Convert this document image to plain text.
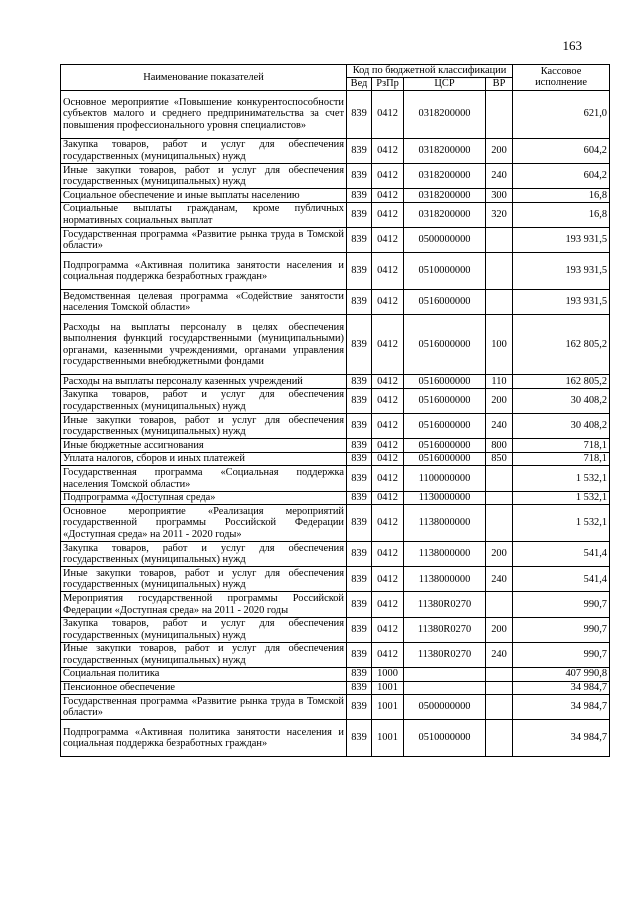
163
Наименование показателей	Код по бюджетной классификации				Кассовое исполнение
	Вед	РзПр	ЦСР	ВР	
Основное мероприятие «Повышение конкурентоспособности субъектов малого и среднего предпринимательства за счет повышения профессионального уровня специалистов»	839	0412	0318200000		621,0
Закупка товаров, работ и услуг для обеспечения государственных (муниципальных) нужд	839	0412	0318200000	200	604,2
Иные закупки товаров, работ и услуг для обеспечения государственных (муниципальных) нужд	839	0412	0318200000	240	604,2
Социальное обеспечение и иные выплаты населению	839	0412	0318200000	300	16,8
Социальные выплаты гражданам, кроме публичных нормативных социальных выплат	839	0412	0318200000	320	16,8
Государственная программа «Развитие рынка труда в Томской области»	839	0412	0500000000		193 931,5
Подпрограмма «Активная политика занятости населения и социальная поддержка безработных граждан»	839	0412	0510000000		193 931,5
Ведомственная целевая программа «Содействие занятости населения Томской области»	839	0412	0516000000		193 931,5
Расходы на выплаты персоналу в целях обеспечения выполнения функций государственными (муниципальными) органами, казенными учреждениями, органами управления государственными внебюджетными фондами	839	0412	0516000000	100	162 805,2
Расходы на выплаты персоналу казенных учреждений	839	0412	0516000000	110	162 805,2
Закупка товаров, работ и услуг для обеспечения государственных (муниципальных) нужд	839	0412	0516000000	200	30 408,2
Иные закупки товаров, работ и услуг для обеспечения государственных (муниципальных) нужд	839	0412	0516000000	240	30 408,2
Иные бюджетные ассигнования	839	0412	0516000000	800	718,1
Уплата налогов, сборов и иных платежей	839	0412	0516000000	850	718,1
Государственная программа «Социальная поддержка населения Томской области»	839	0412	1100000000		1 532,1
Подпрограмма «Доступная среда»	839	0412	1130000000		1 532,1
Основное мероприятие «Реализация мероприятий государственной программы Российской Федерации «Доступная среда» на 2011 - 2020 годы»	839	0412	1138000000		1 532,1
Закупка товаров, работ и услуг для обеспечения государственных (муниципальных) нужд	839	0412	1138000000	200	541,4
Иные закупки товаров, работ и услуг для обеспечения государственных (муниципальных) нужд	839	0412	1138000000	240	541,4
Мероприятия государственной программы Российской Федерации «Доступная среда» на 2011 - 2020 годы	839	0412	11380R0270		990,7
Закупка товаров, работ и услуг для обеспечения государственных (муниципальных) нужд	839	0412	11380R0270	200	990,7
Иные закупки товаров, работ и услуг для обеспечения государственных (муниципальных) нужд	839	0412	11380R0270	240	990,7
Социальная политика	839	1000			407 990,8
Пенсионное обеспечение	839	1001			34 984,7
Государственная программа «Развитие рынка труда в Томской области»	839	1001	0500000000		34 984,7
Подпрограмма «Активная политика занятости населения и социальная поддержка безработных граждан»	839	1001	0510000000		34 984,7
